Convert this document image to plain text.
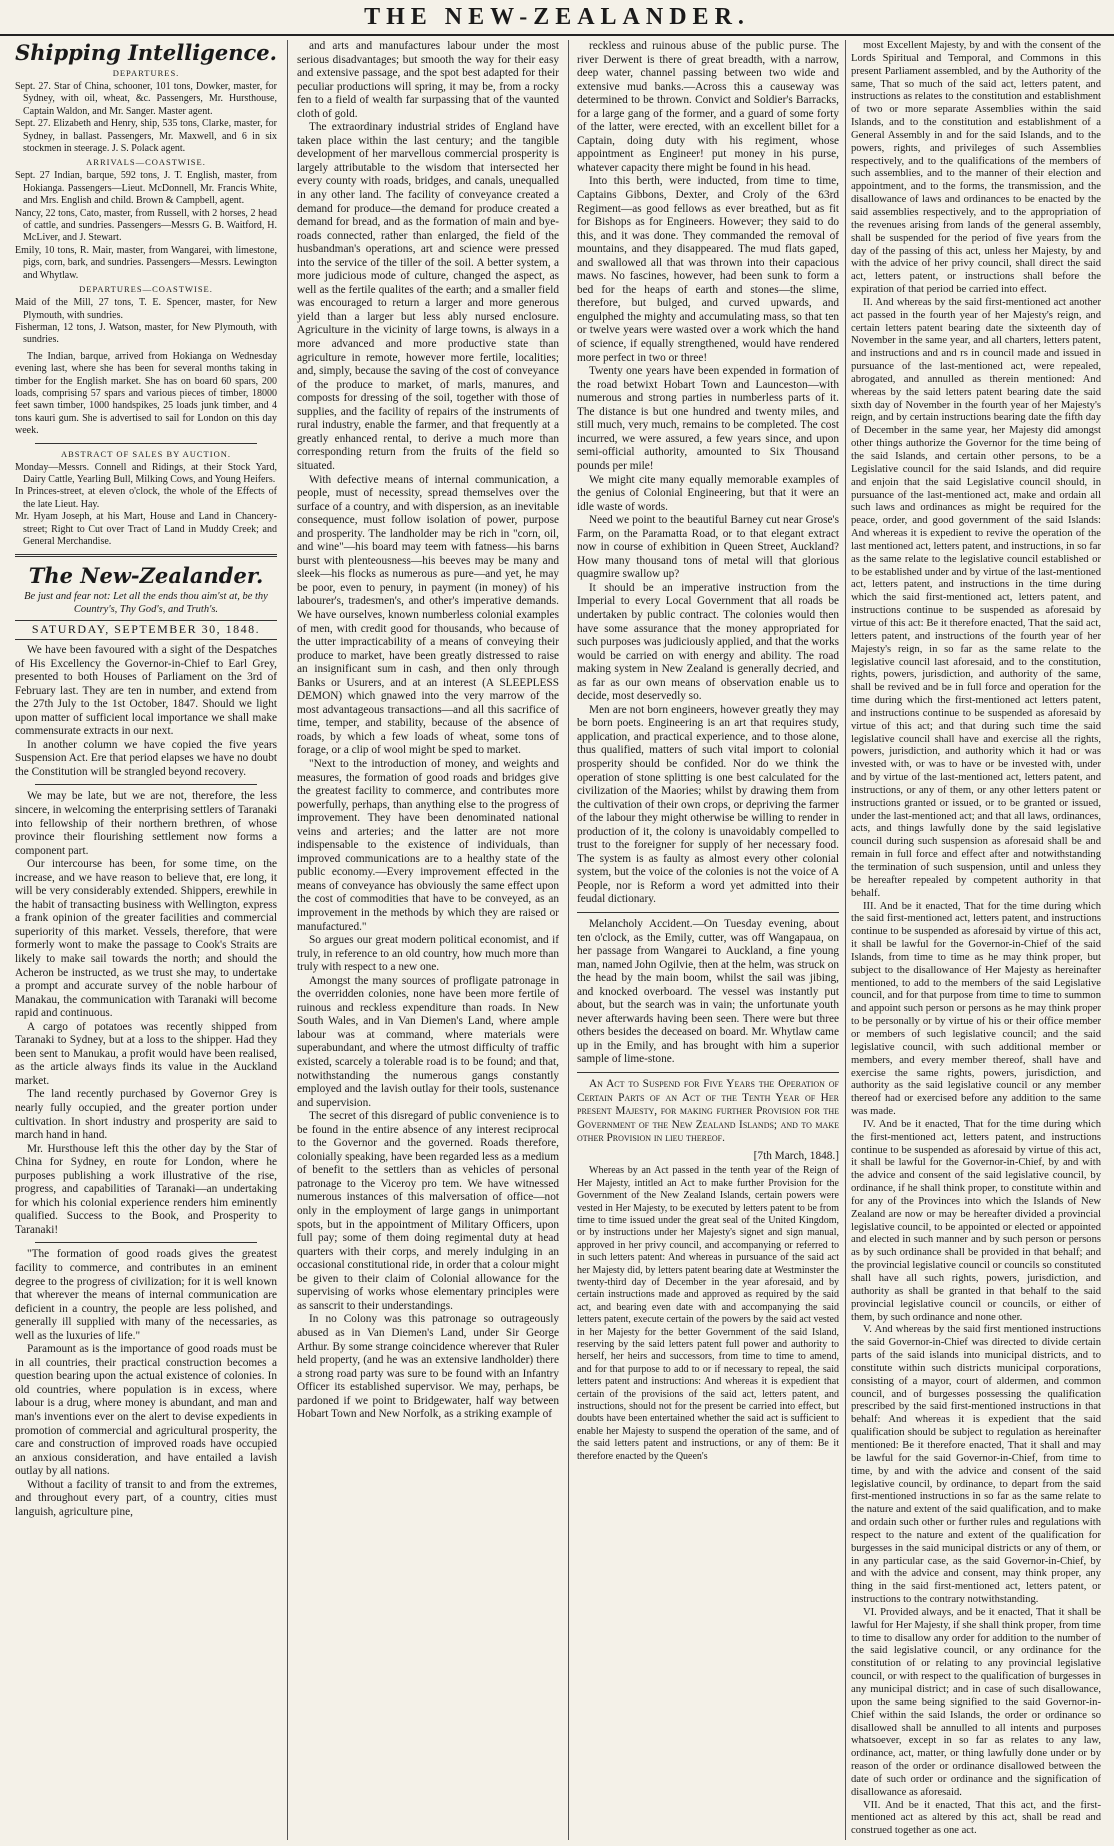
THE NEW-ZEALANDER.
Shipping Intelligence.
DEPARTURES.

Sept. 27. Star of China, schooner, 101 tons, Dowker, master, for Sydney, with oil, wheat, &c. Passengers, Mr. Hursthouse, Captain Waldon, and Mr. Sanger. Master agent.

Sept. 27. Elizabeth and Henry, ship, 535 tons, Clarke, master, for Sydney, in ballast. Passengers, Mr. Maxwell, and 6 in six stockmen in steerage. J. S. Polack agent.

ARRIVALS—COASTWISE.

Sept. 27 Indian, barque, 592 tons, J. T. English, master, from Hokianga. Passengers—Lieut. McDonnell, Mr. Francis White, and Mrs. English and child. Brown & Campbell, agent.

Nancy, 22 tons, Cato, master, from Russell, with 2 horses, 2 head of cattle, and sundries. Passengers—Messrs G. B. Waitford, H. McLiver, and J. Stewart.

Emily, 10 tons, R. Mair, master, from Wangarei, with limestone, pigs, corn, bark, and sundries. Passengers—Messrs. Lewington and Whytlaw.

DEPARTURES—COASTWISE.

Maid of the Mill, 27 tons, T. E. Spencer, master, for New Plymouth, with sundries.

Fisherman, 12 tons, J. Watson, master, for New Plymouth, with sundries.

The Indian, barque, arrived from Hokianga on Wednesday evening last, where she has been for several months taking in timber for the English market. She has on board 60 spars, 200 loads, comprising 57 spars and various pieces of timber, 18000 feet sawn timber, 1000 handspikes, 25 loads junk timber, and 4 tons kauri gum. She is advertised to sail for London on this day week.

ABSTRACT OF SALES BY AUCTION.

Monday—Messrs. Connell and Ridings, at their Stock Yard, Dairy Cattle, Yearling Bull, Milking Cows, and Young Heifers.

In Princes-street, at eleven o'clock, the whole of the Effects of the late Lieut. Hay.

Mr. Hyam Joseph, at his Mart, House and Land in Chancery-street; Right to Cut over Tract of Land in Muddy Creek; and General Merchandise.

The New-Zealander.
Be just and fear not: Let all the ends thou aim'st at, be thy Country's, Thy God's, and Truth's.
SATURDAY, SEPTEMBER 30, 1848.

We have been favoured with a sight of the Despatches of His Excellency the Governor-in-Chief to Earl Grey, presented to both Houses of Parliament on the 3rd of February last. They are ten in number, and extend from the 27th July to the 1st October, 1847. Should we light upon matter of sufficient local importance we shall make commensurate extracts in our next.

In another column we have copied the five years Suspension Act. Ere that period elapses we have no doubt the Constitution will be strangled beyond recovery.

We may be late, but we are not, therefore, the less sincere, in welcoming the enterprising settlers of Taranaki into fellowship of their northern brethren, of whose province their flourishing settlement now forms a component part.

Our intercourse has been, for some time, on the increase, and we have reason to believe that, ere long, it will be very considerably extended. Shippers, erewhile in the habit of transacting business with Wellington, express a frank opinion of the greater facilities and commercial superiority of this market. Vessels, therefore, that were formerly wont to make the passage to Cook's Straits are likely to make sail towards the north; and should the Acheron be instructed, as we trust she may, to undertake a prompt and accurate survey of the noble harbour of Manakau, the communication with Taranaki will become rapid and continuous.

A cargo of potatoes was recently shipped from Taranaki to Sydney, but at a loss to the shipper. Had they been sent to Manukau, a profit would have been realised, as the article always finds its value in the Auckland market.

The land recently purchased by Governor Grey is nearly fully occupied, and the greater portion under cultivation. In short industry and prosperity are said to march hand in hand.

Mr. Hursthouse left this the other day by the Star of China for Sydney, en route for London, where he purposes publishing a work illustrative of the rise, progress, and capabilities of Taranaki—an undertaking for which his colonial experience renders him eminently qualified. Success to the Book, and Prosperity to Taranaki!

"The formation of good roads gives the greatest facility to commerce, and contributes in an eminent degree to the progress of civilization; for it is well known that wherever the means of internal communication are deficient in a country, the people are less polished, and generally ill supplied with many of the necessaries, as well as the luxuries of life."

Paramount as is the importance of good roads must be in all countries, their practical construction becomes a question bearing upon the actual existence of colonies. In old countries, where population is in excess, where labour is a drug, where money is abundant, and man and man's inventions ever on the alert to devise expedients in promotion of commercial and agricultural prosperity, the care and construction of improved roads have occupied an anxious consideration, and have entailed a lavish outlay by all nations.

Without a facility of transit to and from the extremes, and throughout every part, of a country, cities must languish, agriculture pine,

and arts and manufactures labour under the most serious disadvantages; but smooth the way for their easy and extensive passage, and the spot best adapted for their peculiar productions will spring, it may be, from a rocky fen to a field of wealth far surpassing that of the vaunted cloth of gold.

The extraordinary industrial strides of England have taken place within the last century; and the tangible development of her marvellous commercial prosperity is largely attributable to the wisdom that intersected her every county with roads, bridges, and canals, unequalled in any other land. The facility of conveyance created a demand for produce—the demand for produce created a demand for bread, and as the formation of main and bye-roads connected, rather than enlarged, the field of the husbandman's operations, art and science were pressed into the service of the tiller of the soil. A better system, a more judicious mode of culture, changed the aspect, as well as the fertile qualites of the earth; and a smaller field was encouraged to return a larger and more generous yield than a larger but less ably nursed enclosure. Agriculture in the vicinity of large towns, is always in a more advanced and more productive state than agriculture in remote, however more fertile, localities; and, simply, because the saving of the cost of conveyance of the produce to market, of marls, manures, and composts for dressing of the soil, together with those of supplies, and the facility of repairs of the instruments of rural industry, enable the farmer, and that frequently at a greatly enhanced rental, to derive a much more than corresponding return from the fruits of the field so situated.

With defective means of internal communication, a people, must of necessity, spread themselves over the surface of a country, and with dispersion, as an inevitable consequence, must follow isolation of power, purpose and prosperity. The landholder may be rich in "corn, oil, and wine"—his board may teem with fatness—his barns burst with plenteousness—his beeves may be many and sleek—his flocks as numerous as pure—and yet, he may be poor, even to penury, in payment (in money) of his labourer's, tradesmen's, and other's imperative demands. We have ourselves, known numberless colonial examples of men, with credit good for thousands, who because of the utter impracticability of a means of conveying their produce to market, have been greatly distressed to raise an insignificant sum in cash, and then only through Banks or Usurers, and at an interest (A SLEEPLESS DEMON) which gnawed into the very marrow of the most advantageous transactions—and all this sacrifice of time, temper, and stability, because of the absence of roads, by which a few loads of wheat, some tons of forage, or a clip of wool might be sped to market.

"Next to the introduction of money, and weights and measures, the formation of good roads and bridges give the greatest facility to commerce, and contributes more powerfully, perhaps, than anything else to the progress of improvement. They have been denominated national veins and arteries; and the latter are not more indispensable to the existence of individuals, than improved communications are to a healthy state of the public economy.—Every improvement effected in the means of conveyance has obviously the same effect upon the cost of commodities that have to be conveyed, as an improvement in the methods by which they are raised or manufactured."

So argues our great modern political economist, and if truly, in reference to an old country, how much more than truly with respect to a new one.

Amongst the many sources of profligate patronage in the overridden colonies, none have been more fertile of ruinous and reckless expenditure than roads. In New South Wales, and in Van Diemen's Land, where ample labour was at command, where materials were superabundant, and where the utmost difficulty of traffic existed, scarcely a tolerable road is to be found; and that, notwithstanding the numerous gangs constantly employed and the lavish outlay for their tools, sustenance and supervision.

The secret of this disregard of public convenience is to be found in the entire absence of any interest reciprocal to the Governor and the governed. Roads therefore, colonially speaking, have been regarded less as a medium of benefit to the settlers than as vehicles of personal patronage to the Viceroy pro tem. We have witnessed numerous instances of this malversation of office—not only in the employment of large gangs in unimportant spots, but in the appointment of Military Officers, upon full pay; some of them doing regimental duty at head quarters with their corps, and merely indulging in an occasional constitutional ride, in order that a colour might be given to their claim of Colonial allowance for the supervising of works whose elementary principles were as sanscrit to their understandings.

In no Colony was this patronage so outrageously abused as in Van Diemen's Land, under Sir George Arthur. By some strange coincidence wherever that Ruler held property, (and he was an extensive landholder) there a strong road party was sure to be found with an Infantry Officer its established supervisor. We may, perhaps, be pardoned if we point to Bridgewater, half way between Hobart Town and New Norfolk, as a striking example of

reckless and ruinous abuse of the public purse. The river Derwent is there of great breadth, with a narrow, deep water, channel passing between two wide and extensive mud banks.—Across this a causeway was determined to be thrown. Convict and Soldier's Barracks, for a large gang of the former, and a guard of some forty of the latter, were erected, with an excellent billet for a Captain, doing duty with his regiment, whose appointment as Engineer! put money in his purse, whatever capacity there might be found in his head.

Into this berth, were inducted, from time to time, Captains Gibbons, Dexter, and Croly of the 63rd Regiment—as good fellows as ever breathed, but as fit for Bishops as for Engineers. However; they said to do this, and it was done. They commanded the removal of mountains, and they disappeared. The mud flats gaped, and swallowed all that was thrown into their capacious maws. No fascines, however, had been sunk to form a bed for the heaps of earth and stones—the slime, therefore, but bulged, and curved upwards, and engulphed the mighty and accumulating mass, so that ten or twelve years were wasted over a work which the hand of science, if equally strengthened, would have rendered more perfect in two or three!

Twenty one years have been expended in formation of the road betwixt Hobart Town and Launceston—with numerous and strong parties in numberless parts of it. The distance is but one hundred and twenty miles, and still much, very much, remains to be completed. The cost incurred, we were assured, a few years since, and upon semi-official authority, amounted to Six Thousand pounds per mile!

We might cite many equally memorable examples of the genius of Colonial Engineering, but that it were an idle waste of words.

Need we point to the beautiful Barney cut near Grose's Farm, on the Paramatta Road, or to that elegant extract now in course of exhibition in Queen Street, Auckland? How many thousand tons of metal will that glorious quagmire swallow up?

It should be an imperative instruction from the Imperial to every Local Government that all roads be undertaken by public contract. The colonies would then have some assurance that the money appropriated for such purposes was judiciously applied, and that the works would be carried on with energy and ability. The road making system in New Zealand is generally decried, and as far as our own means of observation enable us to decide, most deservedly so.

Men are not born engineers, however greatly they may be born poets. Engineering is an art that requires study, application, and practical experience, and to those alone, thus qualified, matters of such vital import to colonial prosperity should be confided. Nor do we think the operation of stone splitting is one best calculated for the civilization of the Maories; whilst by drawing them from the cultivation of their own crops, or depriving the farmer of the labour they might otherwise be willing to render in production of it, the colony is unavoidably compelled to trust to the foreigner for supply of her necessary food. The system is as faulty as almost every other colonial system, but the voice of the colonies is not the voice of A People, nor is Reform a word yet admitted into their feudal dictionary.

Melancholy Accident.—On Tuesday evening, about ten o'clock, as the Emily, cutter, was off Wangapaua, on her passage from Wangarei to Auckland, a fine young man, named John Ogilvie, then at the helm, was struck on the head by the main boom, whilst the sail was jibing, and knocked overboard. The vessel was instantly put about, but the search was in vain; the unfortunate youth never afterwards having been seen. There were but three others besides the deceased on board. Mr. Whytlaw came up in the Emily, and has brought with him a superior sample of lime-stone.

An Act to Suspend for Five Years the Operation of Certain Parts of an Act of the Tenth Year of Her present Majesty, for making further Provision for the Government of the New Zealand Islands; and to make other Provision in lieu thereof.

[7th March, 1848.]

Whereas by an Act passed in the tenth year of the Reign of Her Majesty, intitled an Act to make further Provision for the Government of the New Zealand Islands, certain powers were vested in Her Majesty, to be executed by letters patent to be from time to time issued under the great seal of the United Kingdom, or by instructions under her Majesty's signet and sign manual, approved in her privy council, and accompanying or referred to in such letters patent: And whereas in pursuance of the said act her Majesty did, by letters patent bearing date at Westminster the twenty-third day of December in the year aforesaid, and by certain instructions made and approved as required by the said act, and bearing even date with and accompanying the said letters patent, execute certain of the powers by the said act vested in her Majesty for the better Government of the said Island, reserving by the said letters patent full power and authority to herself, her heirs and successors, from time to time to amend, and for that purpose to add to or if necessary to repeal, the said letters patent and instructions: And whereas it is expedient that certain of the provisions of the said act, letters patent, and instructions, should not for the present be carried into effect, but doubts have been entertained whether the said act is sufficient to enable her Majesty to suspend the operation of the same, and of the said letters patent and instructions, or any of them: Be it therefore enacted by the Queen's

most Excellent Majesty, by and with the consent of the Lords Spiritual and Temporal, and Commons in this present Parliament assembled, and by the Authority of the same, That so much of the said act, letters patent, and instructions as relates to the constitution and establishment of two or more separate Assemblies within the said Islands, and to the constitution and establishment of a General Assembly in and for the said Islands, and to the powers, rights, and privileges of such Assemblies respectively, and to the qualifications of the members of such assemblies, and to the manner of their election and appointment, and to the forms, the transmission, and the disallowance of laws and ordinances to be enacted by the said assemblies respectively, and to the appropriation of the revenues arising from lands of the general assembly, shall be suspended for the period of five years from the day of the passing of this act, unless her Majesty, by and with the advice of her privy council, shall direct the said act, letters patent, or instructions shall before the expiration of that period be carried into effect.

II. And whereas by the said first-mentioned act another act passed in the fourth year of her Majesty's reign, and certain letters patent bearing date the sixteenth day of November in the same year, and all charters, letters patent, and instructions and and rs in council made and issued in pursuance of the last-mentioned act, were repealed, abrogated, and annulled as therein mentioned: And whereas by the said letters patent bearing date the said sixth day of November in the fourth year of her Majesty's reign, and by certain instructions bearing date the fifth day of December in the same year, her Majesty did amongst other things authorize the Governor for the time being of the said Islands, and certain other persons, to be a Legislative council for the said Islands, and did require and enjoin that the said Legislative council should, in pursuance of the last-mentioned act, make and ordain all such laws and ordinances as might be required for the peace, order, and good government of the said Islands: And whereas it is expedient to revive the operation of the last mentioned act, letters patent, and instructions, in so far as the same relate to the legislative council established or to be established under and by virtue of the last-mentioned act, letters patent, and instructions in the time during which the said first-mentioned act, letters patent, and instructions continue to be suspended as aforesaid by virtue of this act: Be it therefore enacted, That the said act, letters patent, and instructions of the fourth year of her Majesty's reign, in so far as the same relate to the legislative council last aforesaid, and to the constitution, rights, powers, jurisdiction, and authority of the same, shall be revived and be in full force and operation for the time during which the first-mentioned act letters patent, and instructions continue to be suspended as aforesaid by virtue of this act; and that during such time the said legislative council shall have and exercise all the rights, powers, jurisdiction, and authority which it had or was invested with, or was to have or be invested with, under and by virtue of the last-mentioned act, letters patent, and instructions, or any of them, or any other letters patent or instructions granted or issued, or to be granted or issued, under the last-mentioned act; and that all laws, ordinances, acts, and things lawfully done by the said legislative council during such suspension as aforesaid shall be and remain in full force and effect after and notwithstanding the termination of such suspension, until and unless they be hereafter repealed by competent authority in that behalf.

III. And be it enacted, That for the time during which the said first-mentioned act, letters patent, and instructions continue to be suspended as aforesaid by virtue of this act, it shall be lawful for the Governor-in-Chief of the said Islands, from time to time as he may think proper, but subject to the disallowance of Her Majesty as hereinafter mentioned, to add to the members of the said Legislative council, and for that purpose from time to time to summon and appoint such person or persons as he may think proper to be personally or by virtue of his or their office member or members of such legislative council; and the said legislative council, with such additional member or members, and every member thereof, shall have and exercise the same rights, powers, jurisdiction, and authority as the said legislative council or any member thereof had or exercised before any addition to the same was made.

IV. And be it enacted, That for the time during which the first-mentioned act, letters patent, and instructions continue to be suspended as aforesaid by virtue of this act, it shall be lawful for the Governor-in-Chief, by and with the advice and consent of the said legislative council, by ordinance, if he shall think proper, to constitute within and for any of the Provinces into which the Islands of New Zealand are now or may be hereafter divided a provincial legislative council, to be appointed or elected or appointed and elected in such manner and by such person or persons as by such ordinance shall be provided in that behalf; and the provincial legislative council or councils so constituted shall have all such rights, powers, jurisdiction, and authority as shall be granted in that behalf to the said provincial legislative council or councils, or either of them, by such ordinance and none other.

V. And whereas by the said first mentioned instructions the said Governor-in-Chief was directed to divide certain parts of the said islands into municipal districts, and to constitute within such districts municipal corporations, consisting of a mayor, court of aldermen, and common council, and of burgesses possessing the qualification prescribed by the said first-mentioned instructions in that behalf: And whereas it is expedient that the said qualification should be subject to regulation as hereinafter mentioned: Be it therefore enacted, That it shall and may be lawful for the said Governor-in-Chief, from time to time, by and with the advice and consent of the said legislative council, by ordinance, to depart from the said first-mentioned instructions in so far as the same relate to the nature and extent of the said qualification, and to make and ordain such other or further rules and regulations with respect to the nature and extent of the qualification for burgesses in the said municipal districts or any of them, or in any particular case, as the said Governor-in-Chief, by and with the advice and consent, may think proper, any thing in the said first-mentioned act, letters patent, or instructions to the contrary notwithstanding.

VI. Provided always, and be it enacted, That it shall be lawful for Her Majesty, if she shall think proper, from time to time to disallow any order for addition to the number of the said legislative council, or any ordinance for the constitution of or relating to any provincial legislative council, or with respect to the qualification of burgesses in any municipal district; and in case of such disallowance, upon the same being signified to the said Governor-in-Chief within the said Islands, the order or ordinance so disallowed shall be annulled to all intents and purposes whatsoever, except in so far as relates to any law, ordinance, act, matter, or thing lawfully done under or by reason of the order or ordinance disallowed between the date of such order or ordinance and the signification of disallowance as aforesaid.

VII. And be it enacted, That this act, and the first-mentioned act as altered by this act, shall be read and construed together as one act.
